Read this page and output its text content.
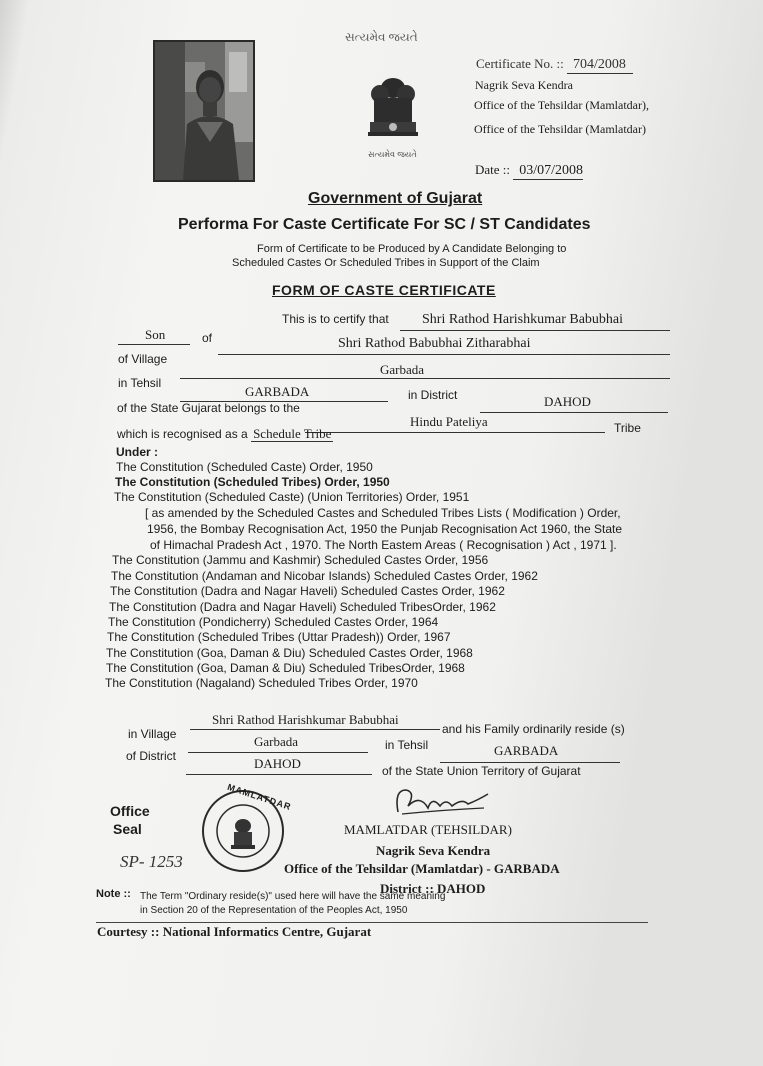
સત્યમેવ જયતે
સત્યમેવ જયતે
Certificate No. :: 704/2008
Nagrik Seva Kendra
Office of the Tehsildar (Mamlatdar),
Office of the Tehsildar (Mamlatdar)
Date :: 03/07/2008
Government of Gujarat
Performa For Caste Certificate For SC / ST Candidates
Form of Certificate to be Produced by A Candidate Belonging to
Scheduled Castes Or Scheduled Tribes in Support of the Claim
FORM OF CASTE CERTIFICATE
This is to certify that Shri Rathod Harishkumar Babubhai
Son	of	Shri Rathod Babubhai Zitharabhai
of Village
Garbada
in Tehsil
GARBADA	in District	DAHOD
of the State Gujarat belongs to the
Hindu Pateliya	Tribe
which is recognised as a Schedule Tribe
Under :
The Constitution (Scheduled Caste) Order, 1950
The Constitution (Scheduled Tribes) Order, 1950
The Constitution (Scheduled Caste) (Union Territories) Order, 1951
[ as amended by the Scheduled Castes and Scheduled Tribes Lists ( Modification ) Order,
1956, the Bombay Recognisation Act, 1950 the Punjab Recognisation Act 1960, the State
of Himachal Pradesh Act , 1970. The North Eastem Areas ( Recognisation ) Act , 1971 ].
The Constitution (Jammu and Kashmir) Scheduled Castes Order, 1956
The Constitution (Andaman and Nicobar Islands) Scheduled Castes Order, 1962
The Constitution (Dadra and Nagar Haveli) Scheduled Castes Order, 1962
The Constitution (Dadra and Nagar Haveli) Scheduled TribesOrder, 1962
The Constitution (Pondicherry) Scheduled Castes Order, 1964
The Constitution (Scheduled Tribes (Uttar Pradesh)) Order, 1967
The Constitution (Goa, Daman & Diu) Scheduled Castes Order, 1968
The Constitution (Goa, Daman & Diu) Scheduled TribesOrder, 1968
The Constitution (Nagaland) Scheduled Tribes Order, 1970
Shri Rathod Harishkumar Babubhai
and his Family ordinarily reside (s)
in Village	Garbada	in Tehsil	GARBADA
of District	DAHOD	of the State Union Territory of Gujarat
Office
Seal
MAMLATDAR
SP- 1253
MAMLATDAR (TEHSILDAR)
Nagrik Seva Kendra
Office of the Tehsildar (Mamlatdar) - GARBADA
District :: DAHOD
Note :: The Term "Ordinary reside(s)" used here will have the same meaning
in Section 20 of the Representation of the Peoples Act, 1950
Courtesy :: National Informatics Centre, Gujarat
